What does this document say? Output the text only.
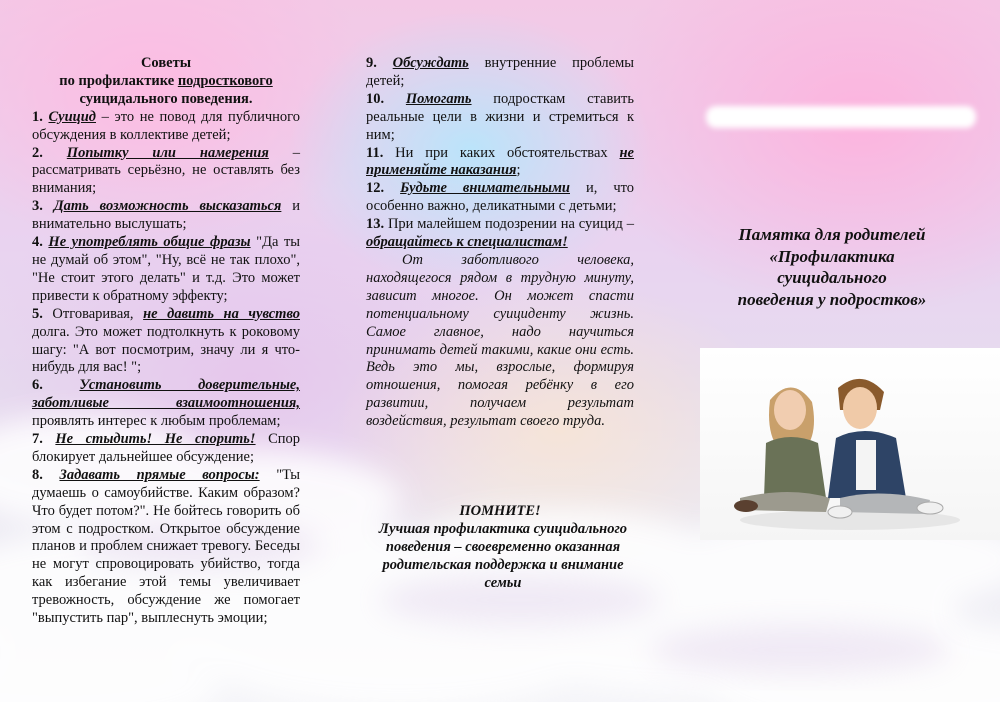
Советы
по профилактике подросткового
суицидального поведения.

1. Суицид – это не повод для публичного обсуждения в коллективе детей;

2. Попытку или намерения – рассматривать серьёзно, не оставлять без внимания;

3. Дать возможность высказаться и внимательно выслушать;

4. Не употреблять общие фразы "Да ты не думай об этом", "Ну, всё не так плохо", "Не стоит этого делать" и т.д. Это может привести к обратному эффекту;

5. Отговаривая, не давить на чувство долга. Это может подтолкнуть к роковому шагу: "А вот посмотрим, значу ли я что-нибудь для вас! ";

6.	Установить доверительные, заботливые взаимоотношения, проявлять интерес к любым проблемам;

7. Не стыдить! Не спорить! Спор блокирует дальнейшее обсуждение;

8. Задавать прямые вопросы: "Ты думаешь о самоубийстве. Каким образом? Что будет потом?". Не бойтесь говорить об этом с подростком. Открытое обсуждение планов и проблем снижает тревогу. Беседы не могут спровоцировать убийство, тогда как избегание этой темы увеличивает тревожность, обсуждение же помогает "выпустить пар", выплеснуть эмоции;

9. Обсуждать внутренние проблемы детей;

10. Помогать подросткам ставить реальные цели в жизни и стремиться к ним;

11. Ни при каких обстоятельствах не применяйте наказания;

12. Будьте внимательными и, что особенно важно, деликатными с детьми;

13. При малейшем подозрении на суицид – обращайтесь к специалистам!

От заботливого человека, находящегося рядом в трудную минуту, зависит многое. Он может спасти потенциальному суициденту жизнь. Самое главное, надо научиться принимать детей такими, какие они есть. Ведь это мы, взрослые, формируя отношения, помогая ребёнку в его развитии, получаем результат воздействия, результат своего труда.

ПОМНИТЕ!
Лучшая профилактика суицидального поведения – своевременно оказанная родительская поддержка и внимание семьи
Памятка для родителей
«Профилактика
суицидального
поведения у подростков»
